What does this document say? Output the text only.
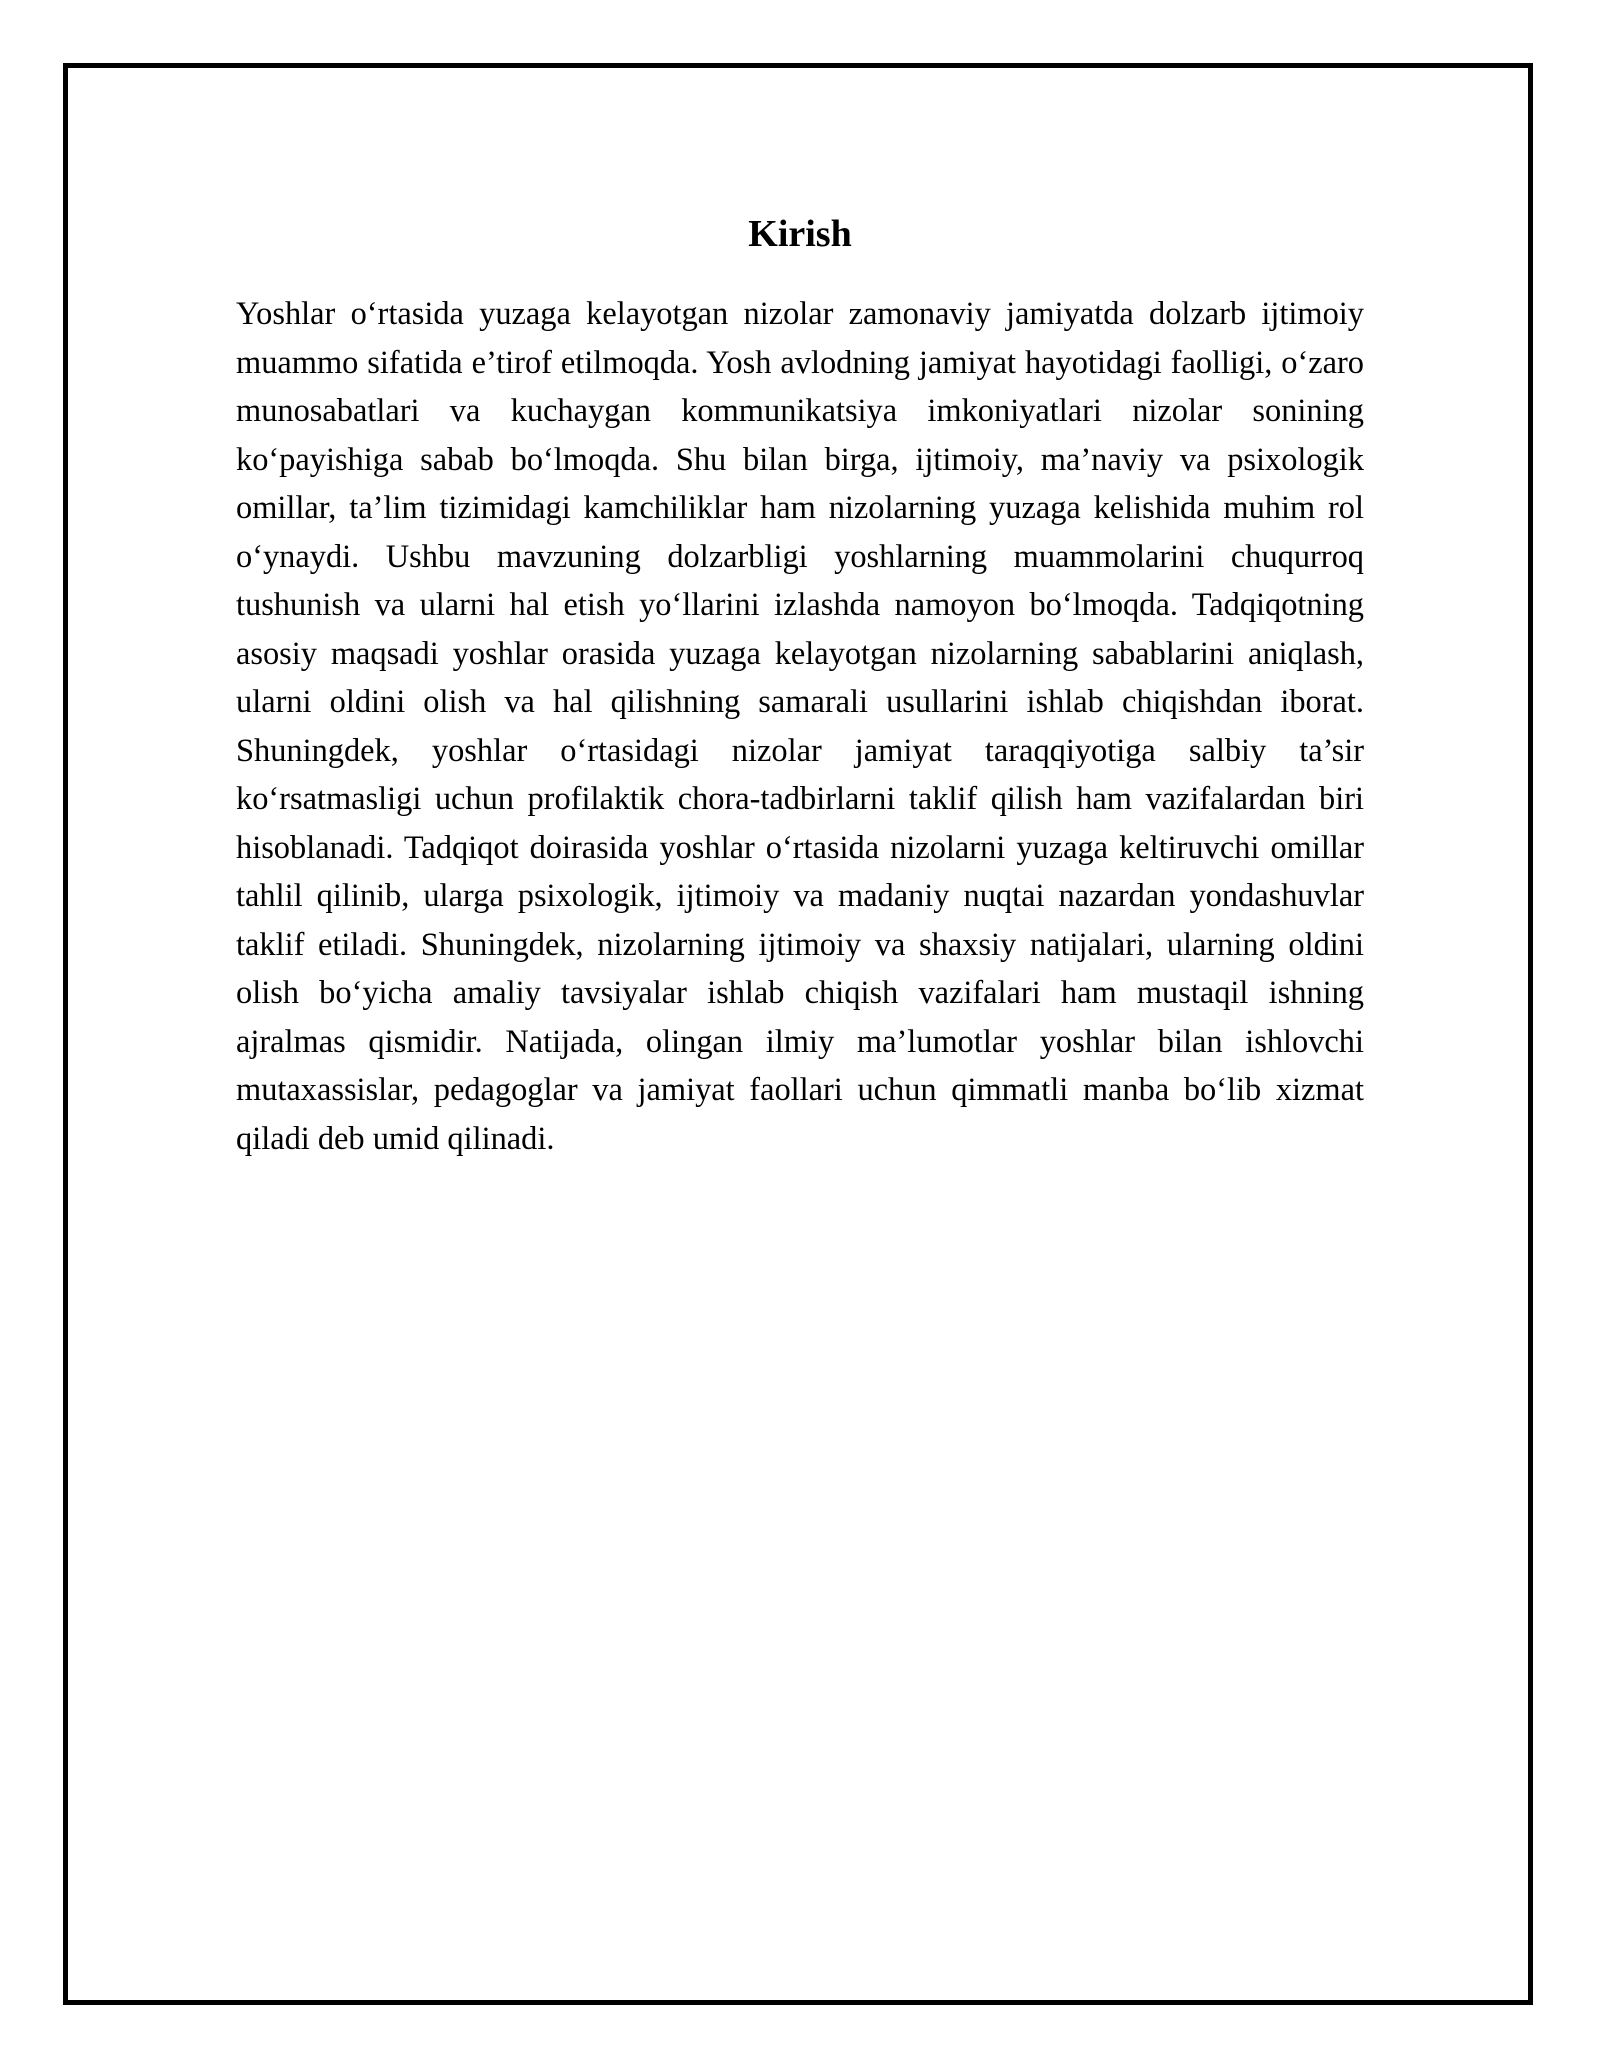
Kirish

Yoshlar o‘rtasida yuzaga kelayotgan nizolar zamonaviy jamiyatda dolzarb ijtimoiy muammo sifatida e’tirof etilmoqda. Yosh avlodning jamiyat hayotidagi faolligi, o‘zaro munosabatlari va kuchaygan kommunikatsiya imkoniyatlari nizolar sonining ko‘payishiga sabab bo‘lmoqda. Shu bilan birga, ijtimoiy, ma’naviy va psixologik omillar, ta’lim tizimidagi kamchiliklar ham nizolarning yuzaga kelishida muhim rol o‘ynaydi. Ushbu mavzuning dolzarbligi yoshlarning muammolarini chuqurroq tushunish va ularni hal etish yo‘llarini izlashda namoyon bo‘lmoqda. Tadqiqotning asosiy maqsadi yoshlar orasida yuzaga kelayotgan nizolarning sabablarini aniqlash, ularni oldini olish va hal qilishning samarali usullarini ishlab chiqishdan iborat. Shuningdek, yoshlar o‘rtasidagi nizolar jamiyat taraqqiyotiga salbiy ta’sir ko‘rsatmasligi uchun profilaktik chora-tadbirlarni taklif qilish ham vazifalardan biri hisoblanadi. Tadqiqot doirasida yoshlar o‘rtasida nizolarni yuzaga keltiruvchi omillar tahlil qilinib, ularga psixologik, ijtimoiy va madaniy nuqtai nazardan yondashuvlar taklif etiladi. Shuningdek, nizolarning ijtimoiy va shaxsiy natijalari, ularning oldini olish bo‘yicha amaliy tavsiyalar ishlab chiqish vazifalari ham mustaqil ishning ajralmas qismidir. Natijada, olingan ilmiy ma’lumotlar yoshlar bilan ishlovchi mutaxassislar, pedagoglar va jamiyat faollari uchun qimmatli manba bo‘lib xizmat qiladi deb umid qilinadi.
